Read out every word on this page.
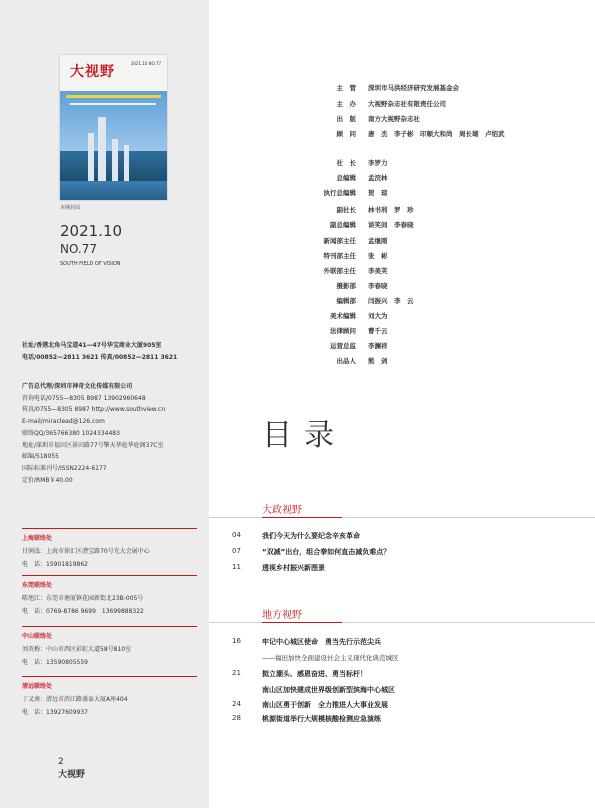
大视野
2021.10 NO.77
本期封面
2021.10
NO.77
SOUTH FIELD OF VISION
社址/香港北角马宝道41—47号华宝商业大厦905室
电话/00852—2811 3621 传真/00852—2811 3621
广告总代理/深圳市神奇文化传媒有限公司
咨询电话/0755—8305 8987 13902960648
传真/0755—8305 8987 http://www.southview.cn
E-mail/miraclead@126.com
联络QQ/365766380 1024334483
地址/深圳市福田区景田路77号擎天华庭华庭阁37C室
邮编/518055
国际标准刊号/ISSN2224-6177
定价/RMB￥40.00
上海联络处
甘润泓：上海市徐汇区漕宝路70号光大会展中心
电　话：15901819862
东莞联络处
陈旭江：东莞市塘厦镇花园新街北23B-005号
电　话：0769-8786 9699　13699888322
中山联络处
刘英梅：中山市西区彩虹大道58号810室
电　话：13590805559
清远联络处
丁义南：清远市滨江路盛泰大厦A座404
电　话：13927609937
2
大视野
主　管 深圳市马洪经济研究发展基金会
主　办 大视野杂志社有限责任公司
出　版 南方大视野杂志社
顾　问 唐　杰　李子彬　印顺大和尚　周长瑚　卢绍武
社　长 李罗力
总编辑 孟浣林
执行总编辑 贺　琼
副社长 林书利　罗　珍
副总编辑 谈笑间　李春晓
新闻部主任 孟继刚
特刊部主任 张　彬
外联部主任 李美芙
摄影部 李春晓
编辑部 闫振兴　李　云
美术编辑 刘大为
法律顾问 曹千云
运营总监 李澜祥
出品人 熊　剑
目录
大政视野
04	我们今天为什么要纪念辛亥革命
07	“双减”出台，组合拳如何直击减负难点？
11	透视乡村振兴新图景
地方视野
16	牢记中心城区使命　勇当先行示范尖兵
——福田加快全面建设社会主义现代化典范城区
21	挺立潮头、感恩奋进、勇当标杆！
南山区加快建成世界级创新型滨海中心城区
24	南山区勇于创新　全力推进人大事业发展
28	桃源街道举行大规模核酸检测应急演练
